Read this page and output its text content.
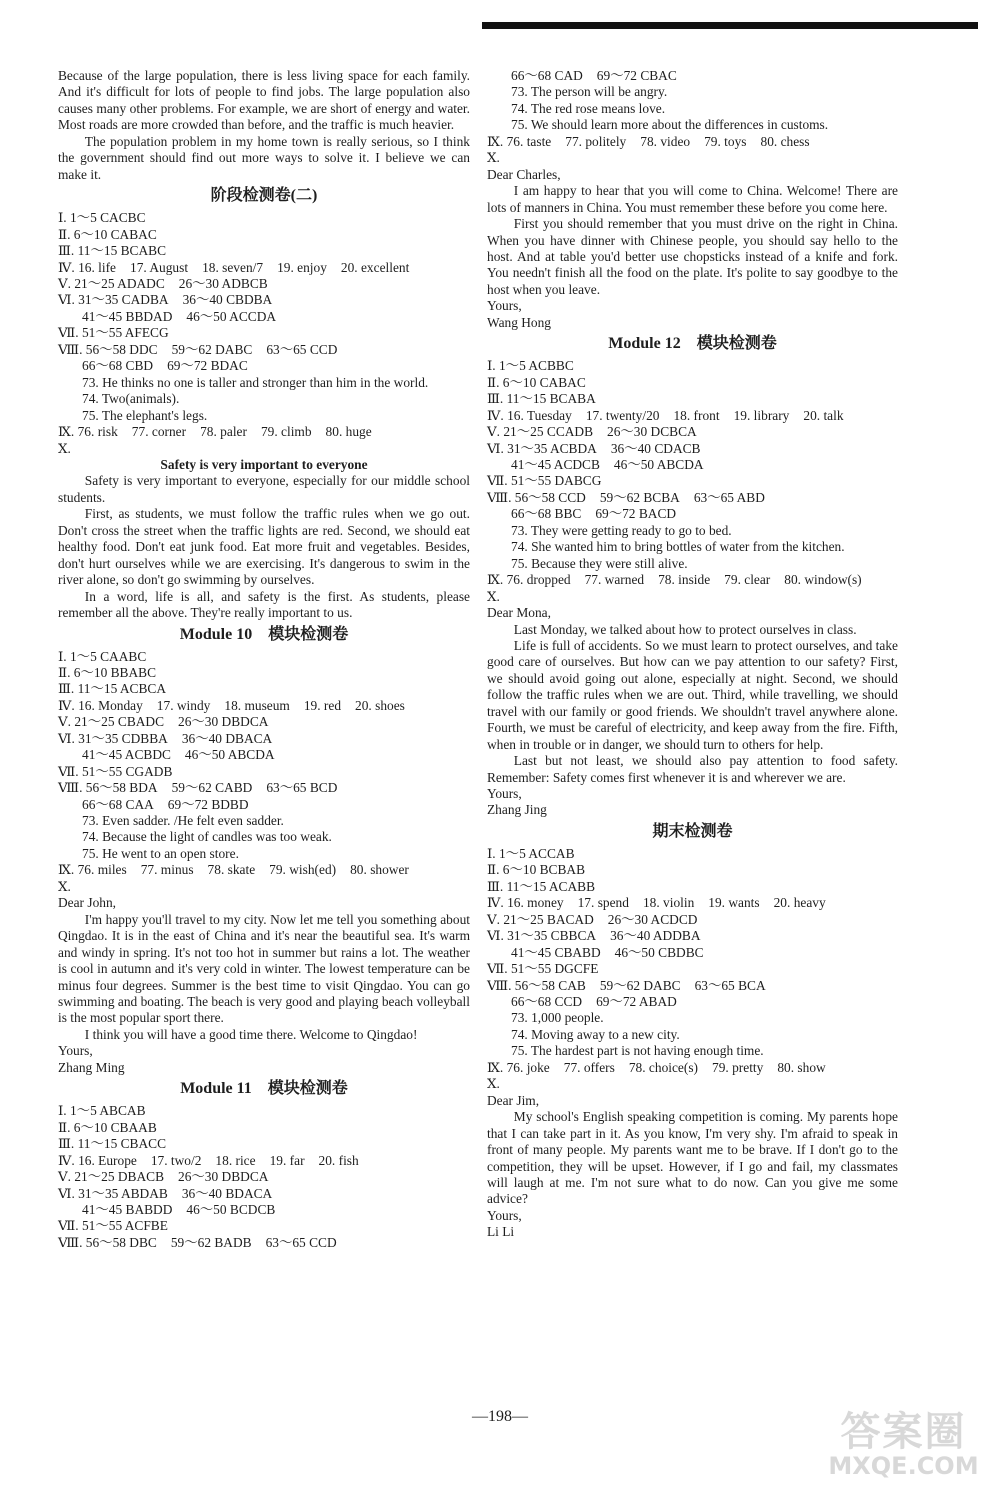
Because of the large population, there is less living space for each family. And it's difficult for lots of people to find jobs. The large population also causes many other problems. For example, we are short of energy and water. Most roads are more crowded than before, and the traffic is much heavier.
The population problem in my home town is really serious, so I think the government should find out more ways to solve it. I believe we can make it.
阶段检测卷(二)
Ⅰ. 1～5 CACBC
Ⅱ. 6～10 CABAC
Ⅲ. 11～15 BCABC
Ⅳ. 16. life 17. August 18. seven/7 19. enjoy 20. excellent
Ⅴ. 21～25 ADADC 26～30 ADBCB
Ⅵ. 31～35 CADBA 36～40 CBDBA
41～45 BBDAD 46～50 ACCDA
Ⅶ. 51～55 AFECG
Ⅷ. 56～58 DDC 59～62 DABC 63～65 CCD
66～68 CBD 69～72 BDAC
73. He thinks no one is taller and stronger than him in the world.
74. Two(animals).
75. The elephant's legs.
Ⅸ. 76. risk 77. corner 78. paler 79. climb 80. huge
Ⅹ.
Safety is very important to everyone
Safety is very important to everyone, especially for our middle school students.
First, as students, we must follow the traffic rules when we go out. Don't cross the street when the traffic lights are red. Second, we should eat healthy food. Don't eat junk food. Eat more fruit and vegetables. Besides, don't hurt ourselves while we are exercising. It's dangerous to swim in the river alone, so don't go swimming by ourselves.
In a word, life is all, and safety is the first. As students, please remember all the above. They're really important to us.
Module 10　模块检测卷
Ⅰ. 1～5 CAABC
Ⅱ. 6～10 BBABC
Ⅲ. 11～15 ACBCA
Ⅳ. 16. Monday 17. windy 18. museum 19. red 20. shoes
Ⅴ. 21～25 CBADC 26～30 DBDCA
Ⅵ. 31～35 CDBBA 36～40 DBACA
41～45 ACBDC 46～50 ABCDA
Ⅶ. 51～55 CGADB
Ⅷ. 56～58 BDA 59～62 CABD 63～65 BCD
66～68 CAA 69～72 BDBD
73. Even sadder. /He felt even sadder.
74. Because the light of candles was too weak.
75. He went to an open store.
Ⅸ. 76. miles 77. minus 78. skate 79. wish(ed) 80. shower
Ⅹ.
Dear John,
I'm happy you'll travel to my city. Now let me tell you something about Qingdao. It is in the east of China and it's near the beautiful sea. It's warm and windy in spring. It's not too hot in summer but rains a lot. The weather is cool in autumn and it's very cold in winter. The lowest temperature can be minus four degrees. Summer is the best time to visit Qingdao. You can go swimming and boating. The beach is very good and playing beach volleyball is the most popular sport there.
I think you will have a good time there. Welcome to Qingdao!
Yours,
Zhang Ming
Module 11　模块检测卷
Ⅰ. 1～5 ABCAB
Ⅱ. 6～10 CBAAB
Ⅲ. 11～15 CBACC
Ⅳ. 16. Europe 17. two/2 18. rice 19. far 20. fish
Ⅴ. 21～25 DBACB 26～30 DBDCA
Ⅵ. 31～35 ABDAB 36～40 BDACA
41～45 BABDD 46～50 BCDCB
Ⅶ. 51～55 ACFBE
Ⅷ. 56～58 DBC 59～62 BADB 63～65 CCD
66～68 CAD 69～72 CBAC
73. The person will be angry.
74. The red rose means love.
75. We should learn more about the differences in customs.
Ⅸ. 76. taste 77. politely 78. video 79. toys 80. chess
Ⅹ.
Dear Charles,
I am happy to hear that you will come to China. Welcome! There are lots of manners in China. You must remember these before you come here.
First you should remember that you must drive on the right in China. When you have dinner with Chinese people, you should say hello to the host. And at table you'd better use chopsticks instead of a knife and fork. You needn't finish all the food on the plate. It's polite to say goodbye to the host when you leave.
Yours,
Wang Hong
Module 12　模块检测卷
Ⅰ. 1～5 ACBBC
Ⅱ. 6～10 CABAC
Ⅲ. 11～15 BCABA
Ⅳ. 16. Tuesday 17. twenty/20 18. front 19. library 20. talk
Ⅴ. 21～25 CCADB 26～30 DCBCA
Ⅵ. 31～35 ACBDA 36～40 CDACB
41～45 ACDCB 46～50 ABCDA
Ⅶ. 51～55 DABCG
Ⅷ. 56～58 CCD 59～62 BCBA 63～65 ABD
66～68 BBC 69～72 BACD
73. They were getting ready to go to bed.
74. She wanted him to bring bottles of water from the kitchen.
75. Because they were still alive.
Ⅸ. 76. dropped 77. warned 78. inside 79. clear 80. window(s)
Ⅹ.
Dear Mona,
Last Monday, we talked about how to protect ourselves in class.
Life is full of accidents. So we must learn to protect ourselves, and take good care of ourselves. But how can we pay attention to our safety? First, we should avoid going out alone, especially at night. Second, we should follow the traffic rules when we are out. Third, while travelling, we should travel with our family or good friends. We shouldn't travel anywhere alone. Fourth, we must be careful of electricity, and keep away from the fire. Fifth, when in trouble or in danger, we should turn to others for help.
Last but not least, we should also pay attention to food safety. Remember: Safety comes first whenever it is and wherever we are.
Yours,
Zhang Jing
期末检测卷
Ⅰ. 1～5 ACCAB
Ⅱ. 6～10 BCBAB
Ⅲ. 11～15 ACABB
Ⅳ. 16. money 17. spend 18. violin 19. wants 20. heavy
Ⅴ. 21～25 BACAD 26～30 ACDCD
Ⅵ. 31～35 CBBCA 36～40 ADDBA
41～45 CBABD 46～50 CBDBC
Ⅶ. 51～55 DGCFE
Ⅷ. 56～58 CAB 59～62 DABC 63～65 BCA
66～68 CCD 69～72 ABAD
73. 1,000 people.
74. Moving away to a new city.
75. The hardest part is not having enough time.
Ⅸ. 76. joke 77. offers 78. choice(s) 79. pretty 80. show
Ⅹ.
Dear Jim,
My school's English speaking competition is coming. My parents hope that I can take part in it. As you know, I'm very shy. I'm afraid to speak in front of many people. My parents want me to be brave. If I don't go to the competition, they will be upset. However, if I go and fail, my classmates will laugh at me. I'm not sure what to do now. Can you give me some advice?
Yours,
Li Li
—198—	答案圈
MXQE.COM
